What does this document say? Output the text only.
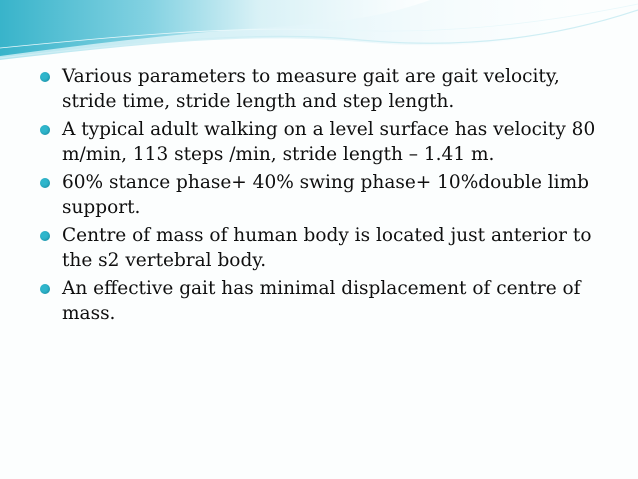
Various parameters to measure gait are gait velocity, stride time, stride length and step length.
A typical adult walking on a level surface has velocity 80 m/min, 113 steps /min, stride length – 1.41 m.
60% stance phase+ 40% swing phase+ 10%double limb support.
Centre of mass of human body is located just anterior to the s2 vertebral body.
An effective gait has minimal displacement of centre of mass.
